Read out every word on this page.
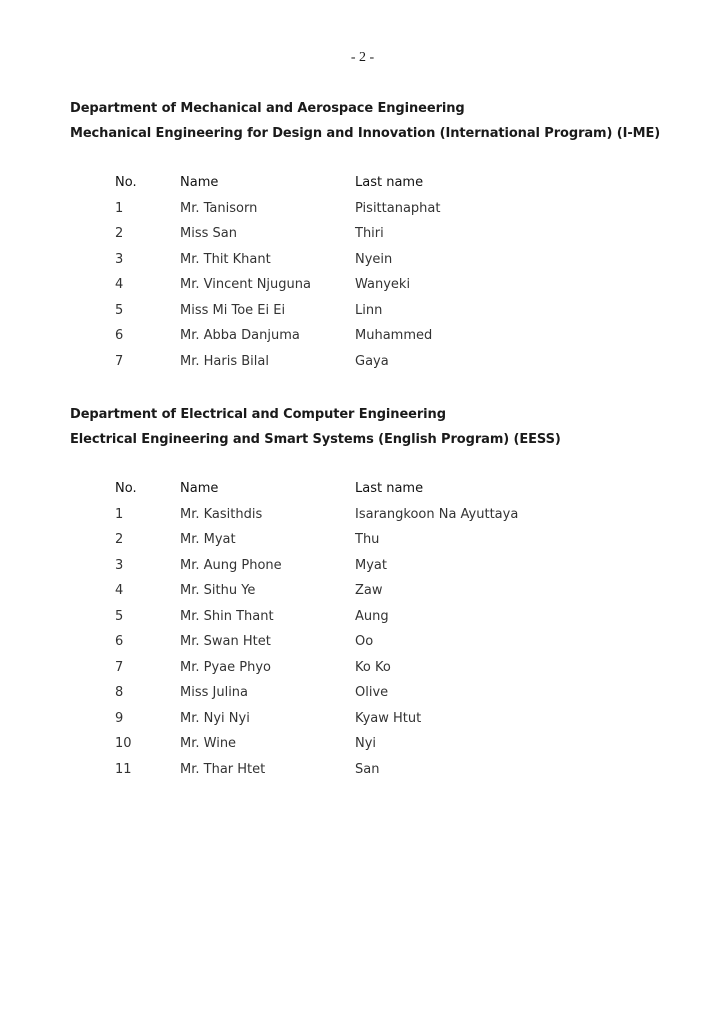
- 2 -
Department of Mechanical and Aerospace Engineering
Mechanical Engineering for Design and Innovation (International Program) (I-ME)
No.	Name	Last name
1	Mr. Tanisorn	Pisittanaphat
2	Miss San	Thiri
3	Mr. Thit Khant	Nyein
4	Mr. Vincent Njuguna	Wanyeki
5	Miss Mi Toe Ei Ei	Linn
6	Mr. Abba Danjuma	Muhammed
7	Mr. Haris Bilal	Gaya
Department of Electrical and Computer Engineering
Electrical Engineering and Smart Systems (English Program) (EESS)
No.	Name	Last name
1	Mr. Kasithdis	Isarangkoon Na Ayuttaya
2	Mr. Myat	Thu
3	Mr. Aung Phone	Myat
4	Mr. Sithu Ye	Zaw
5	Mr. Shin Thant	Aung
6	Mr. Swan Htet	Oo
7	Mr. Pyae Phyo	Ko Ko
8	Miss Julina	Olive
9	Mr. Nyi Nyi	Kyaw Htut
10	Mr. Wine	Nyi
11	Mr. Thar Htet	San
